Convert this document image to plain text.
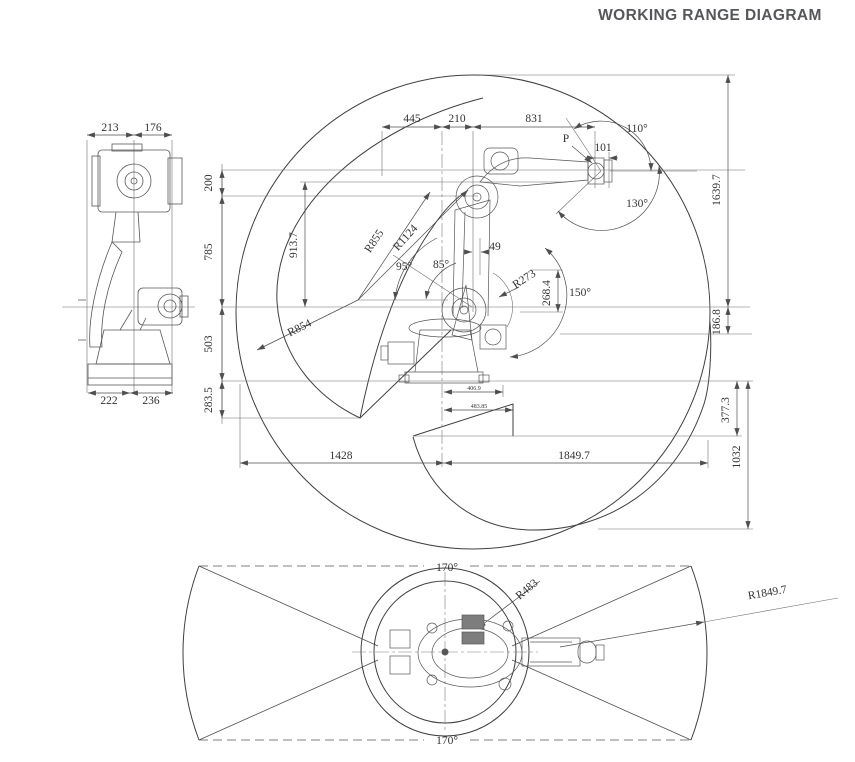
WORKING RANGE DIAGRAM
213 176
222 236
445 210	831
P
101
110°
130°
200
785
503
283.5
913.7	R855 R1124
R854
95° 85°
49
R273
268.4 150°
406.9
483.85
1639.7
186.8
377.3
1032
1428	1849.7
170°
170°
R483	R1849.7
